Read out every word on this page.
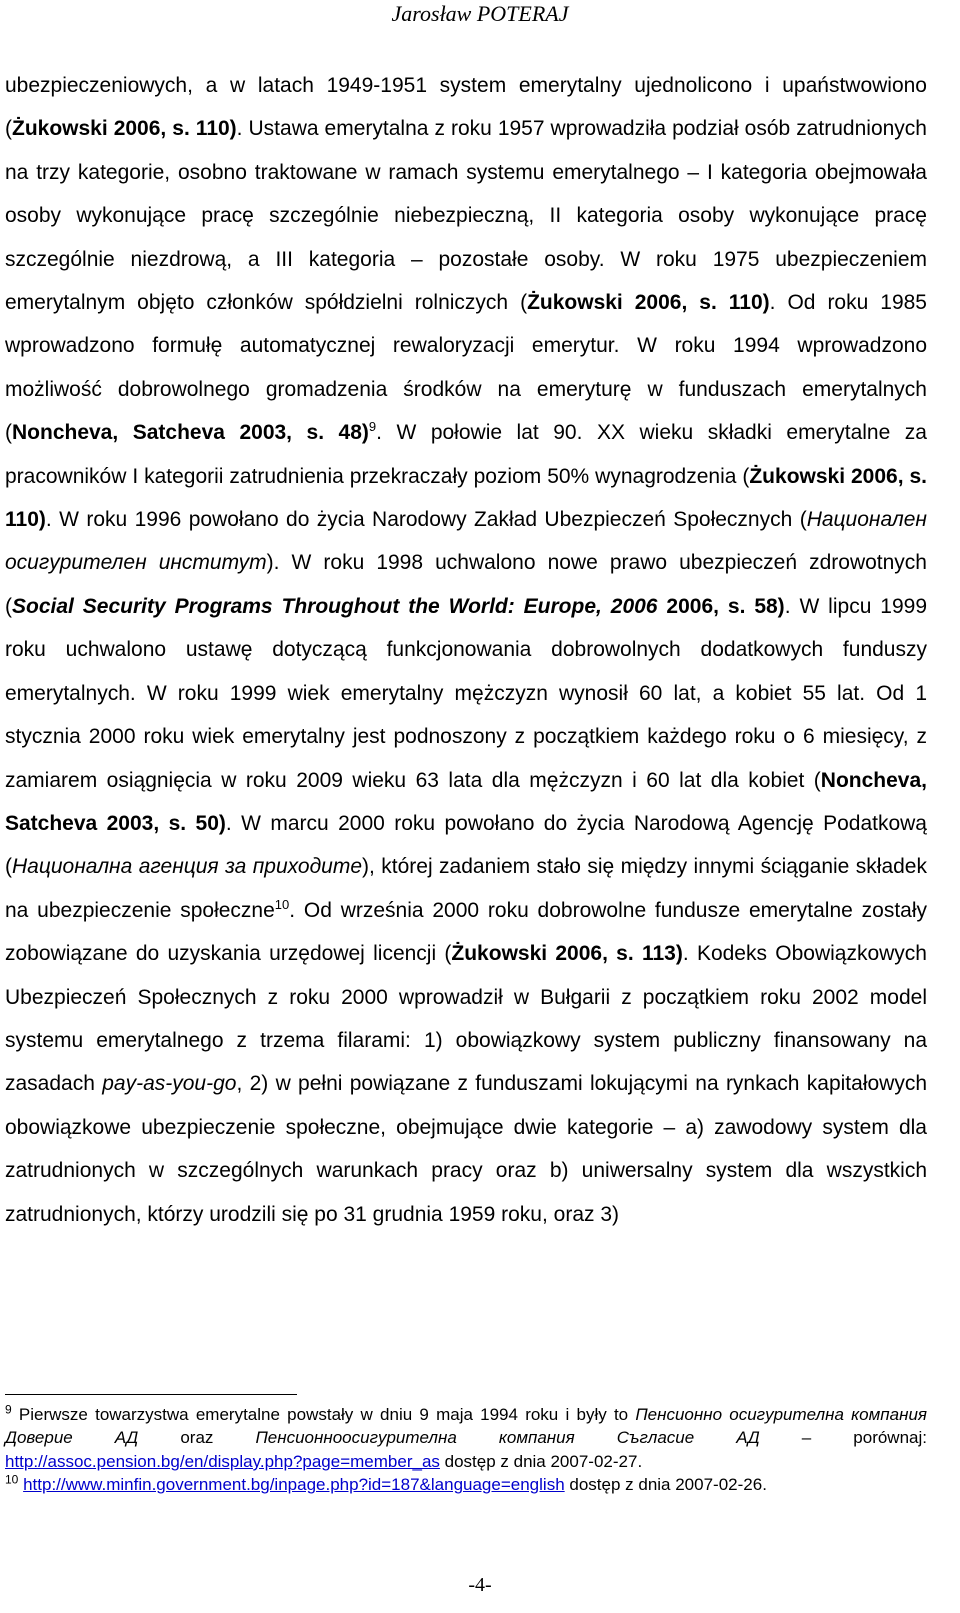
Jarosław POTERAJ

ubezpieczeniowych, a w latach 1949-1951 system emerytalny ujednolicono i upaństwowiono (Żukowski 2006, s. 110). Ustawa emerytalna z roku 1957 wprowadziła podział osób zatrudnionych na trzy kategorie, osobno traktowane w ramach systemu emerytalnego – I kategoria obejmowała osoby wykonujące pracę szczególnie niebezpieczną, II kategoria osoby wykonujące pracę szczególnie niezdrową, a III kategoria – pozostałe osoby. W roku 1975 ubezpieczeniem emerytalnym objęto członków spółdzielni rolniczych (Żukowski 2006, s. 110). Od roku 1985 wprowadzono formułę automatycznej rewaloryzacji emerytur. W roku 1994 wprowadzono możliwość dobrowolnego gromadzenia środków na emeryturę w funduszach emerytalnych (Noncheva, Satcheva 2003, s. 48)$^9$. W połowie lat 90. XX wieku składki emerytalne za pracowników I kategorii zatrudnienia przekraczały poziom 50% wynagrodzenia (Żukowski 2006, s. 110). W roku 1996 powołano do życia Narodowy Zakład Ubezpieczeń Społecznych (Национален осигурителен институт). W roku 1998 uchwalono nowe prawo ubezpieczeń zdrowotnych (Social Security Programs Throughout the World: Europe, 2006 2006, s. 58). W lipcu 1999 roku uchwalono ustawę dotyczącą funkcjonowania dobrowolnych dodatkowych funduszy emerytalnych. W roku 1999 wiek emerytalny mężczyzn wynosił 60 lat, a kobiet 55 lat. Od 1 stycznia 2000 roku wiek emerytalny jest podnoszony z początkiem każdego roku o 6 miesięcy, z zamiarem osiągnięcia w roku 2009 wieku 63 lata dla mężczyzn i 60 lat dla kobiet (Noncheva, Satcheva 2003, s. 50). W marcu 2000 roku powołano do życia Narodową Agencję Podatkową (Национална агенция за приходите), której zadaniem stało się między innymi ściąganie składek na ubezpieczenie społeczne$^{10}$. Od września 2000 roku dobrowolne fundusze emerytalne zostały zobowiązane do uzyskania urzędowej licencji (Żukowski 2006, s. 113). Kodeks Obowiązkowych Ubezpieczeń Społecznych z roku 2000 wprowadził w Bułgarii z początkiem roku 2002 model systemu emerytalnego z trzema filarami: 1) obowiązkowy system publiczny finansowany na zasadach pay-as-you-go, 2) w pełni powiązane z funduszami lokującymi na rynkach kapitałowych obowiązkowe ubezpieczenie społeczne, obejmujące dwie kategorie – a) zawodowy system dla zatrudnionych w szczególnych warunkach pracy oraz b) uniwersalny system dla wszystkich zatrudnionych, którzy urodzili się po 31 grudnia 1959 roku, oraz 3)

$^9$ Pierwsze towarzystwa emerytalne powstały w dniu 9 maja 1994 roku i były to Пенсионно осигурителна компания Доверие АД oraz Пенсионноосигурителна компания Съгласие АД – porównaj: http://assoc.pension.bg/en/display.php?page=member_as dostęp z dnia 2007-02-27.

$^{10}$ http://www.minfin.government.bg/inpage.php?id=187&language=english dostęp z dnia 2007-02-26.

-4-
